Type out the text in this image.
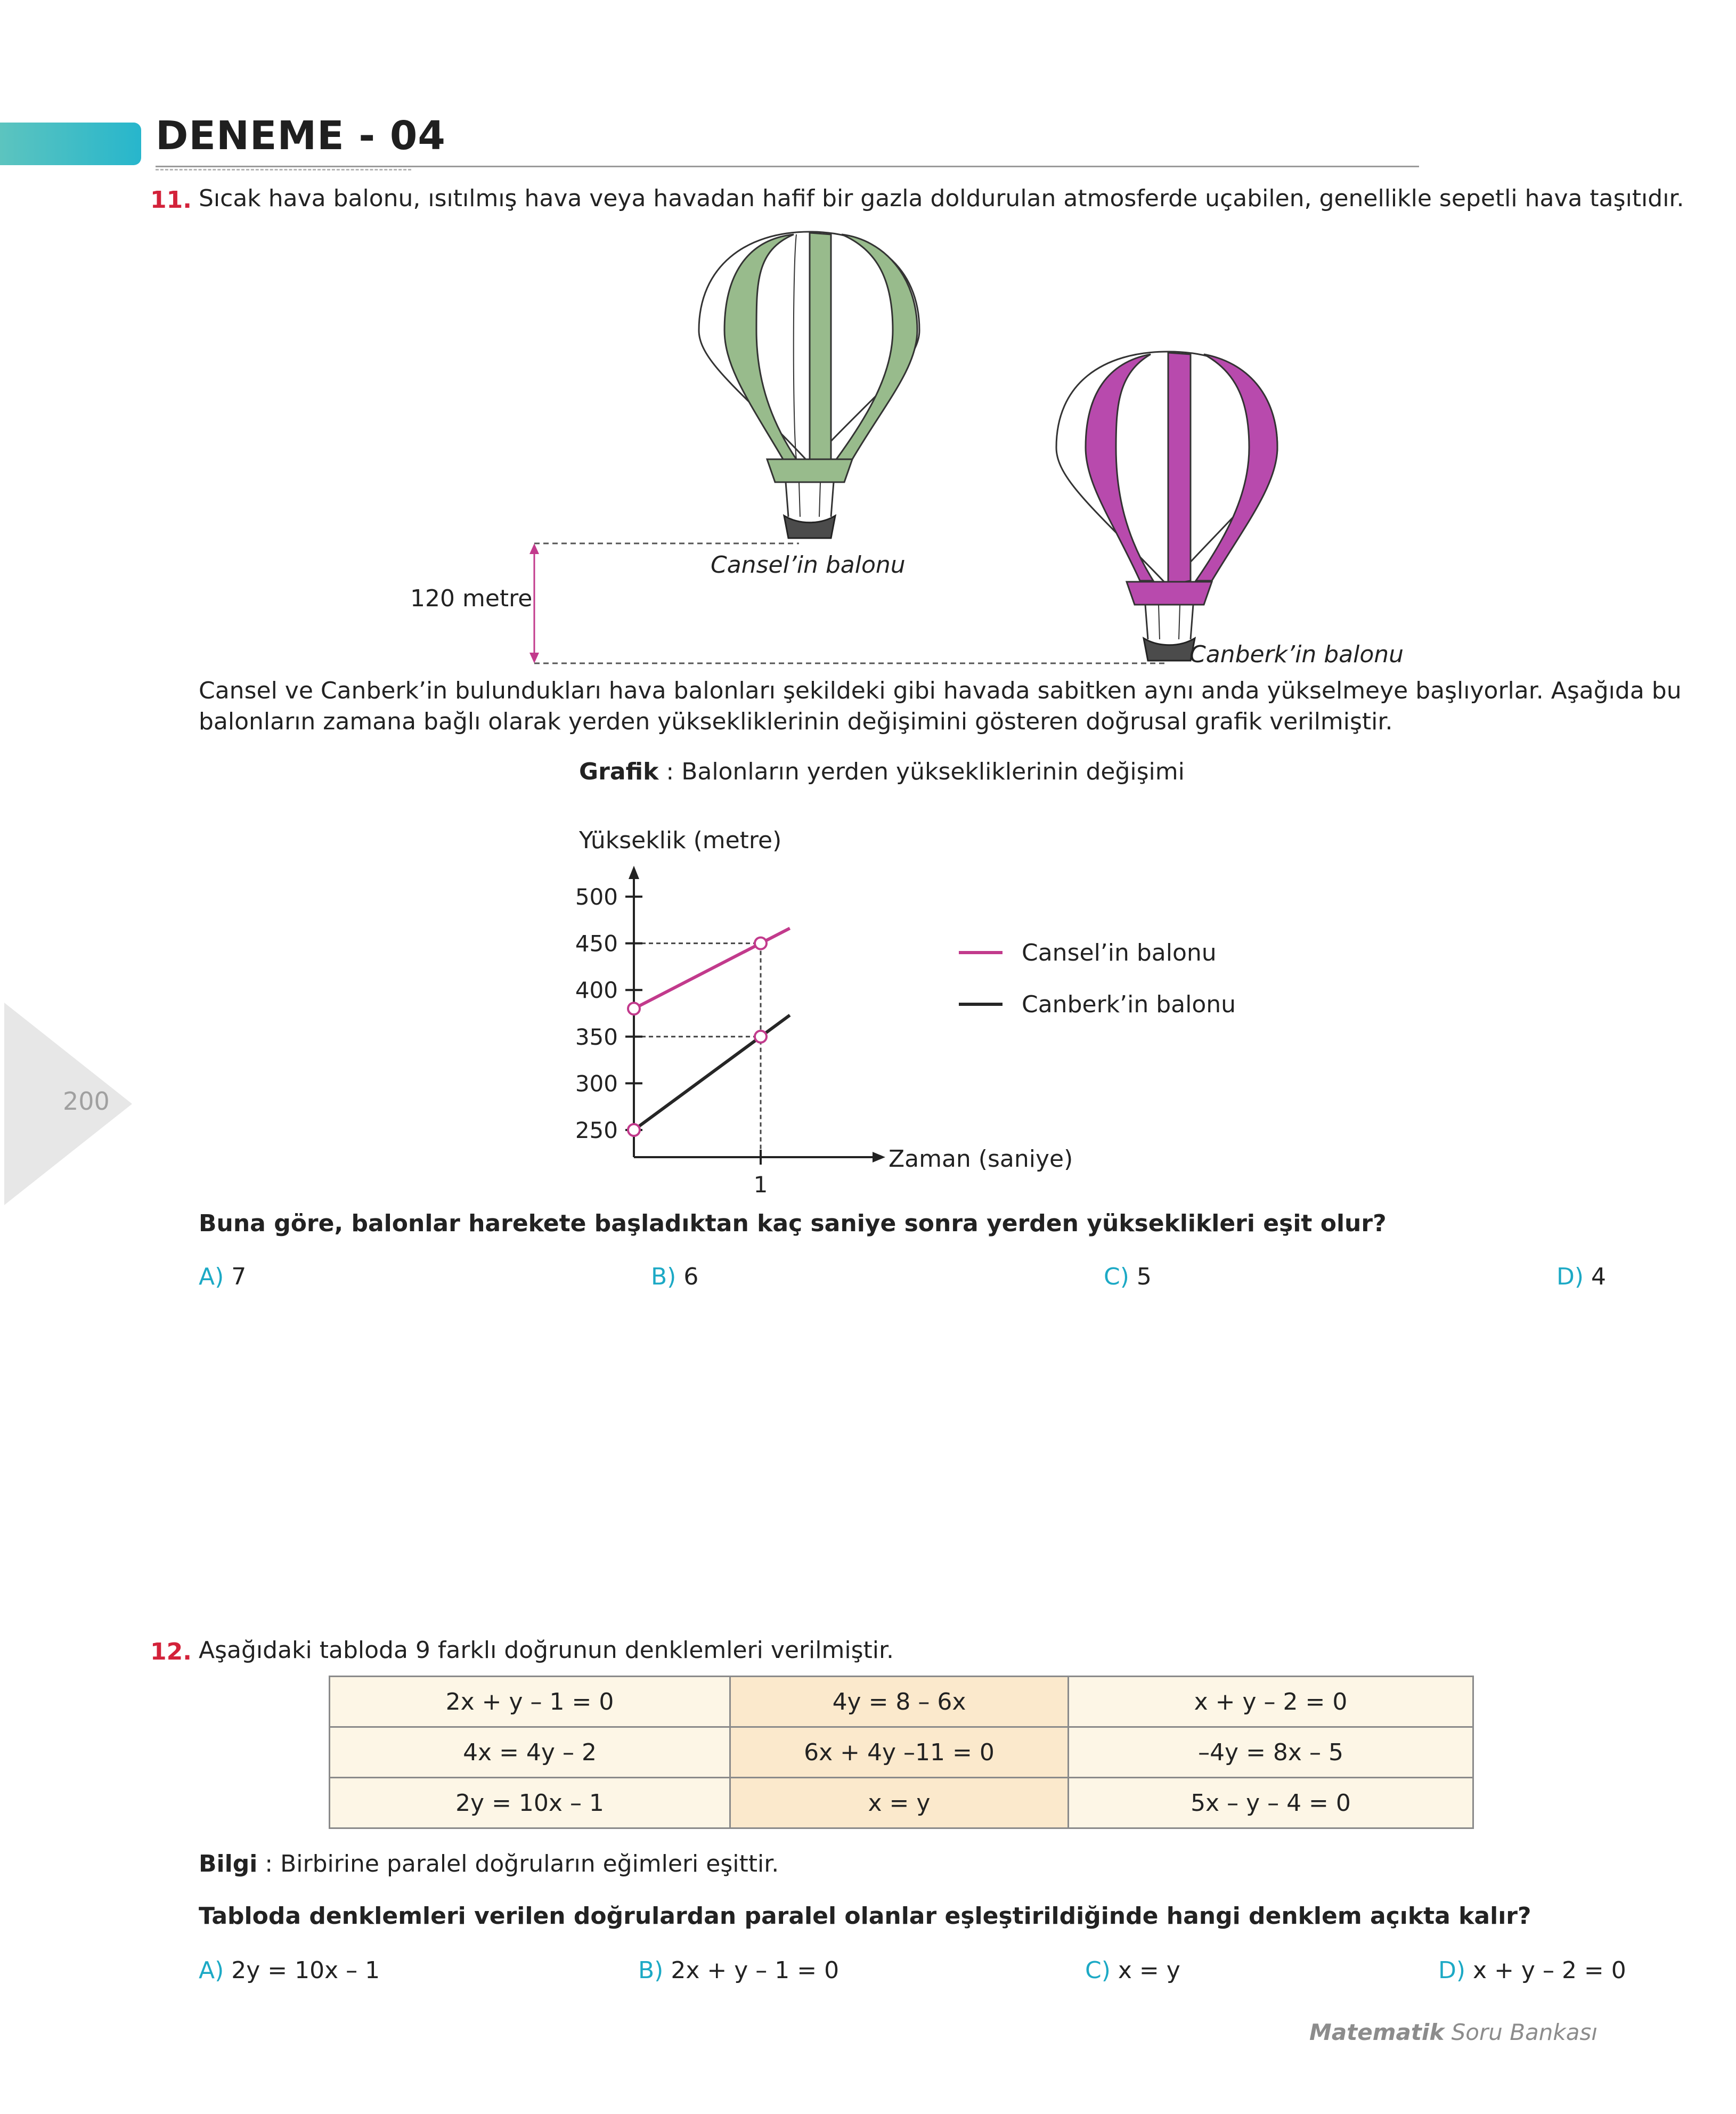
DENEME - 04
200
11. Sıcak hava balonu, ısıtılmış hava veya havadan hafif bir gazla doldurulan atmosferde uçabilen, genellikle sepetli hava taşıtıdır.
Cansel’in balonu
Canberk’in balonu
120 metre
Cansel ve Canberk’in bulundukları hava balonları şekildeki gibi havada sabitken aynı anda yükselmeye başlıyorlar. Aşağıda bu
balonların zamana bağlı olarak yerden yüksekliklerinin değişimini gösteren doğrusal grafik verilmiştir.
Grafik : Balonların yerden yüksekliklerinin değişimi
Yükseklik (metre)
Zaman (saniye)
250
300
350
400
450
500
1
Cansel’in balonu
Canberk’in balonu
Buna göre, balonlar harekete başladıktan kaç saniye sonra yerden yükseklikleri eşit olur?
A) 7	B) 6	C) 5	D) 4
12. Aşağıdaki tabloda 9 farklı doğrunun denklemleri verilmiştir.
2x + y – 1 = 0	4y = 8 – 6x	x + y – 2 = 0
4x = 4y – 2	6x + 4y –11 = 0	–4y = 8x – 5
2y = 10x – 1	x = y	5x – y – 4 = 0
Bilgi : Birbirine paralel doğruların eğimleri eşittir.
Tabloda denklemleri verilen doğrulardan paralel olanlar eşleştirildiğinde hangi denklem açıkta kalır?
A) 2y = 10x – 1	B) 2x + y – 1 = 0	C) x = y	D) x + y – 2 = 0
Matematik Soru Bankası
